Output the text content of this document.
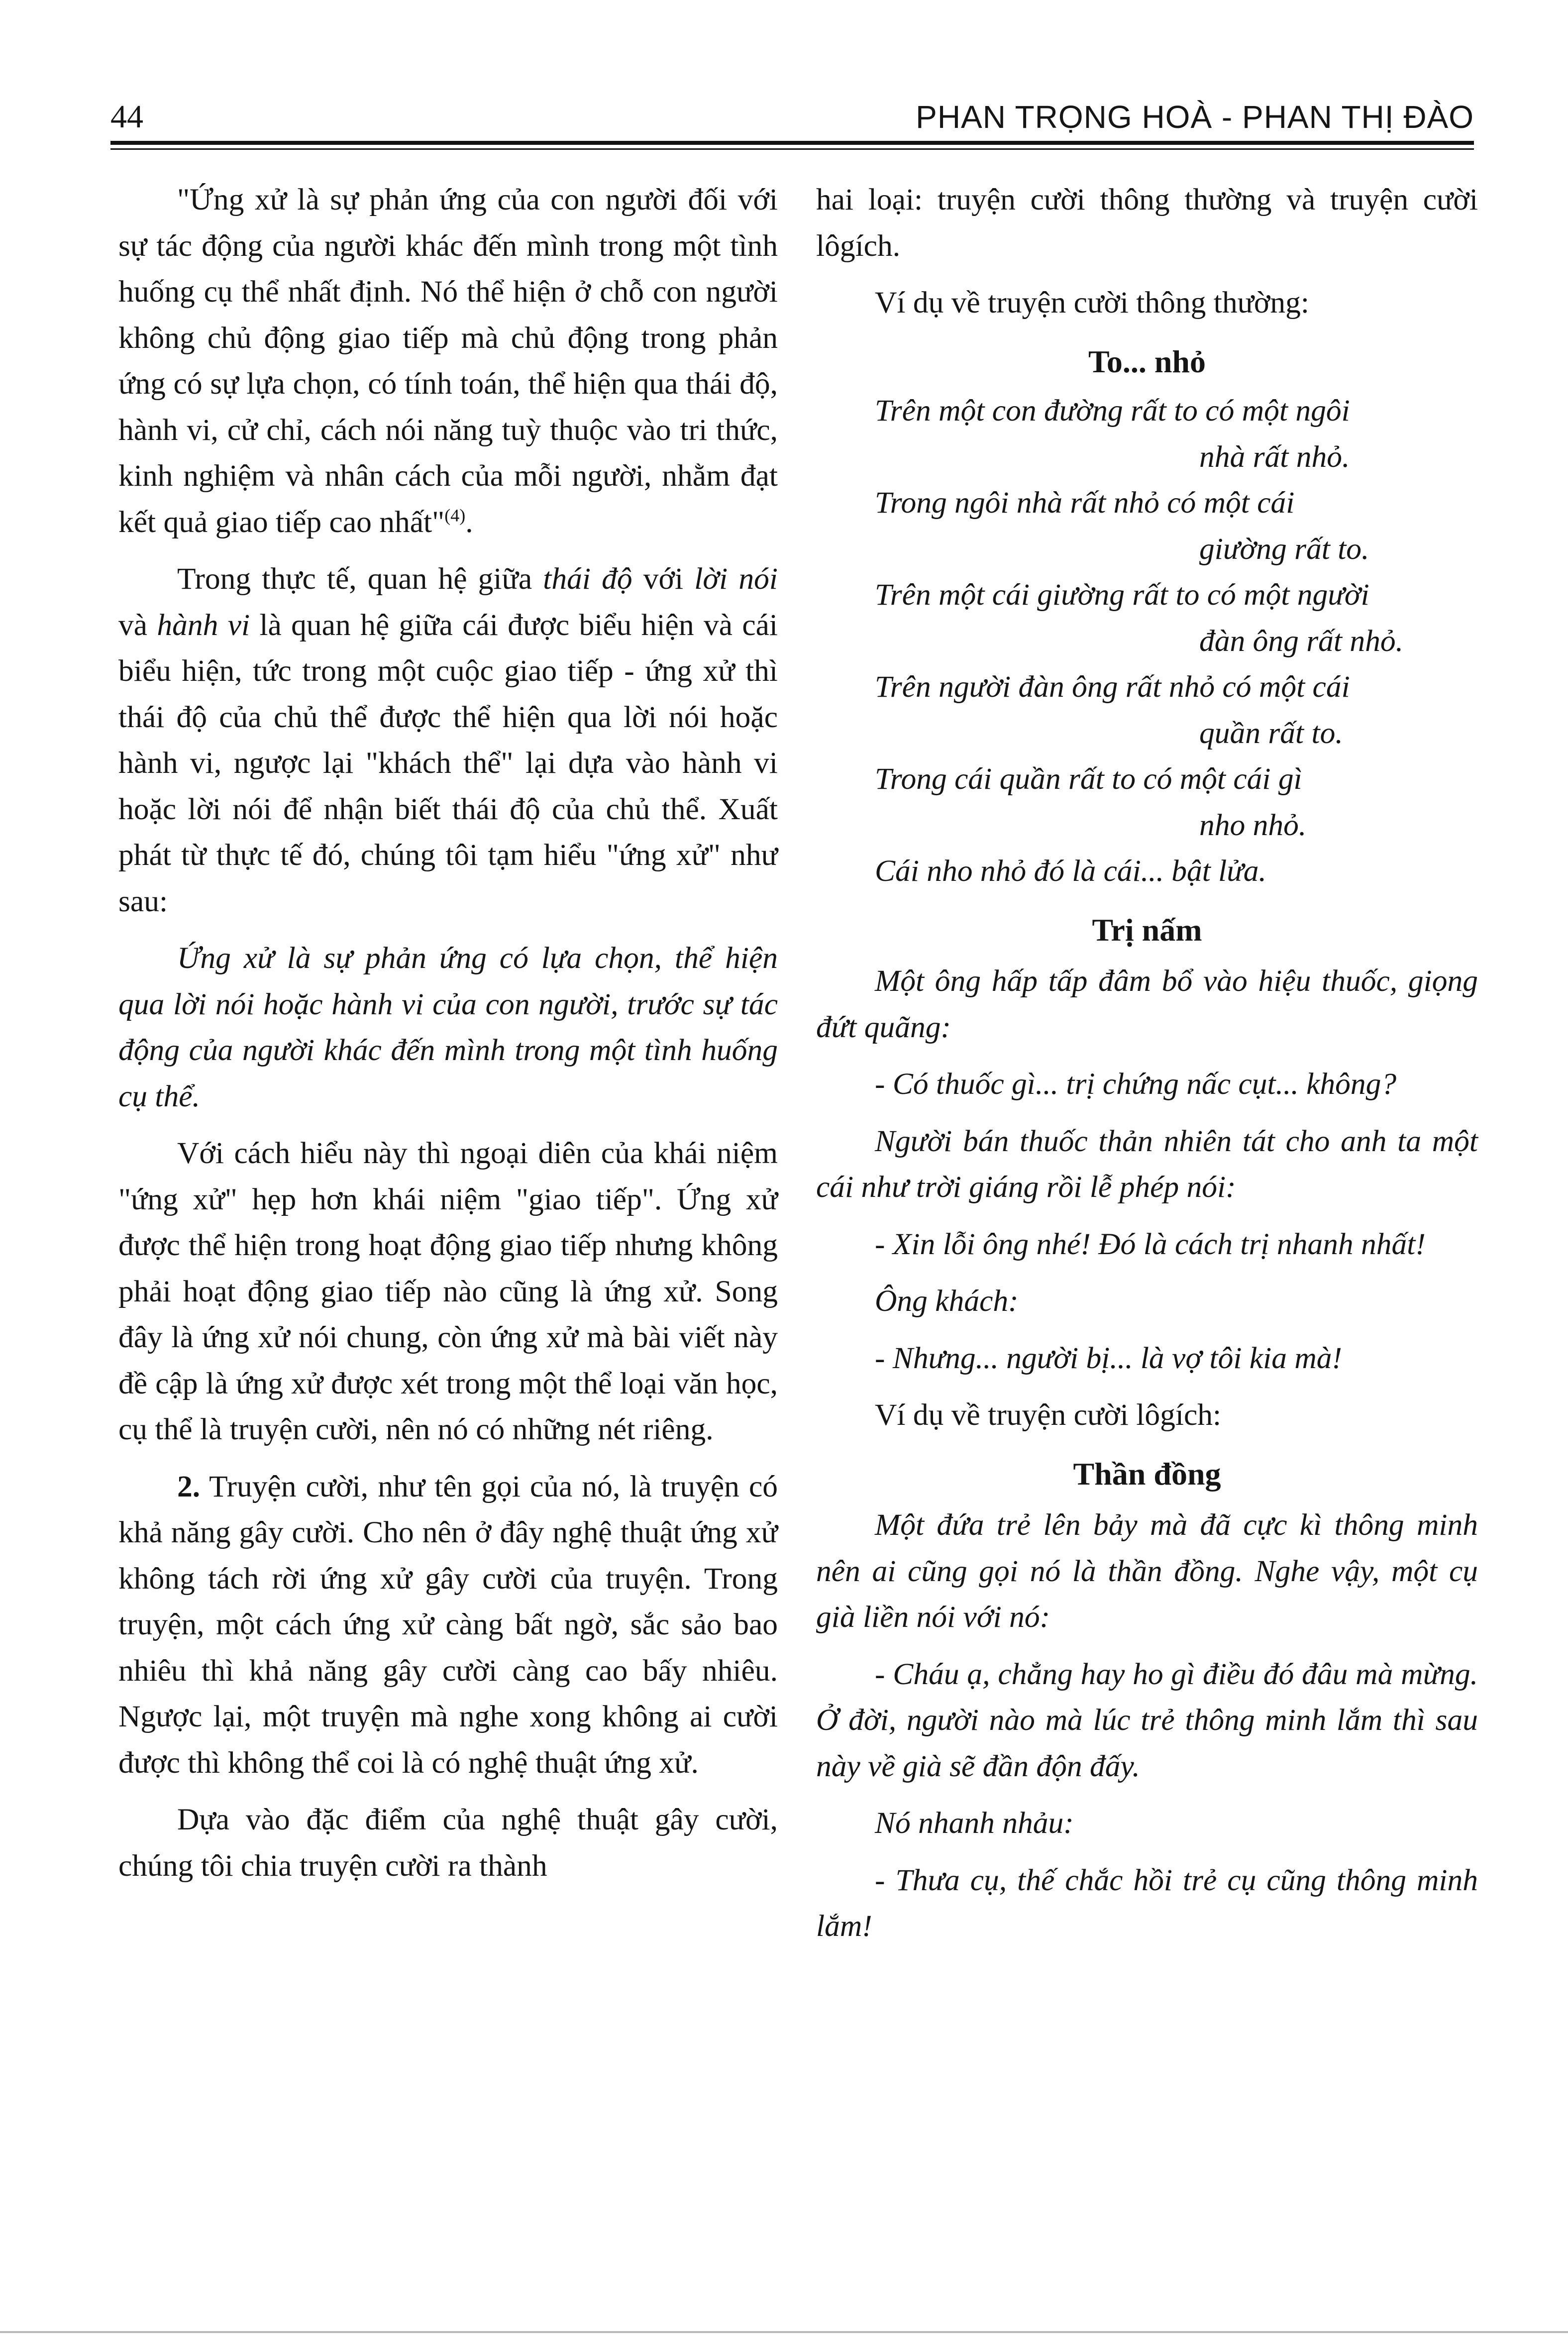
44	PHAN TRỌNG HOÀ - PHAN THỊ ĐÀO

"Ứng xử là sự phản ứng của con người đối với sự tác động của người khác đến mình trong một tình huống cụ thể nhất định. Nó thể hiện ở chỗ con người không chủ động giao tiếp mà chủ động trong phản ứng có sự lựa chọn, có tính toán, thể hiện qua thái độ, hành vi, cử chỉ, cách nói năng tuỳ thuộc vào tri thức, kinh nghiệm và nhân cách của mỗi người, nhằm đạt kết quả giao tiếp cao nhất"$^{(4)}$.

Trong thực tế, quan hệ giữa thái độ với lời nói và hành vi là quan hệ giữa cái được biểu hiện và cái biểu hiện, tức trong một cuộc giao tiếp - ứng xử thì thái độ của chủ thể được thể hiện qua lời nói hoặc hành vi, ngược lại "khách thể" lại dựa vào hành vi hoặc lời nói để nhận biết thái độ của chủ thể. Xuất phát từ thực tế đó, chúng tôi tạm hiểu "ứng xử" như sau:

Ứng xử là sự phản ứng có lựa chọn, thể hiện qua lời nói hoặc hành vi của con người, trước sự tác động của người khác đến mình trong một tình huống cụ thể.

Với cách hiểu này thì ngoại diên của khái niệm "ứng xử" hẹp hơn khái niệm "giao tiếp". Ứng xử được thể hiện trong hoạt động giao tiếp nhưng không phải hoạt động giao tiếp nào cũng là ứng xử. Song đây là ứng xử nói chung, còn ứng xử mà bài viết này đề cập là ứng xử được xét trong một thể loại văn học, cụ thể là truyện cười, nên nó có những nét riêng.

2. Truyện cười, như tên gọi của nó, là truyện có khả năng gây cười. Cho nên ở đây nghệ thuật ứng xử không tách rời ứng xử gây cười của truyện. Trong truyện, một cách ứng xử càng bất ngờ, sắc sảo bao nhiêu thì khả năng gây cười càng cao bấy nhiêu. Ngược lại, một truyện mà nghe xong không ai cười được thì không thể coi là có nghệ thuật ứng xử.

Dựa vào đặc điểm của nghệ thuật gây cười, chúng tôi chia truyện cười ra thành

hai loại: truyện cười thông thường và truyện cười lôgích.

Ví dụ về truyện cười thông thường:

To... nhỏ

Trên một con đường rất to có một ngôi

nhà rất nhỏ.

Trong ngôi nhà rất nhỏ có một cái

giường rất to.

Trên một cái giường rất to có một người

đàn ông rất nhỏ.

Trên người đàn ông rất nhỏ có một cái

quần rất to.

Trong cái quần rất to có một cái gì

nho nhỏ.

Cái nho nhỏ đó là cái... bật lửa.

Trị nấm

Một ông hấp tấp đâm bổ vào hiệu thuốc, giọng đứt quãng:

- Có thuốc gì... trị chứng nấc cụt... không?

Người bán thuốc thản nhiên tát cho anh ta một cái như trời giáng rồi lễ phép nói:

- Xin lỗi ông nhé! Đó là cách trị nhanh nhất!

Ông khách:

- Nhưng... người bị... là vợ tôi kia mà!

Ví dụ về truyện cười lôgích:

Thần đồng

Một đứa trẻ lên bảy mà đã cực kì thông minh nên ai cũng gọi nó là thần đồng. Nghe vậy, một cụ già liền nói với nó:

- Cháu ạ, chẳng hay ho gì điều đó đâu mà mừng. Ở đời, người nào mà lúc trẻ thông minh lắm thì sau này về già sẽ đần độn đấy.

Nó nhanh nhảu:

- Thưa cụ, thế chắc hồi trẻ cụ cũng thông minh lắm!
